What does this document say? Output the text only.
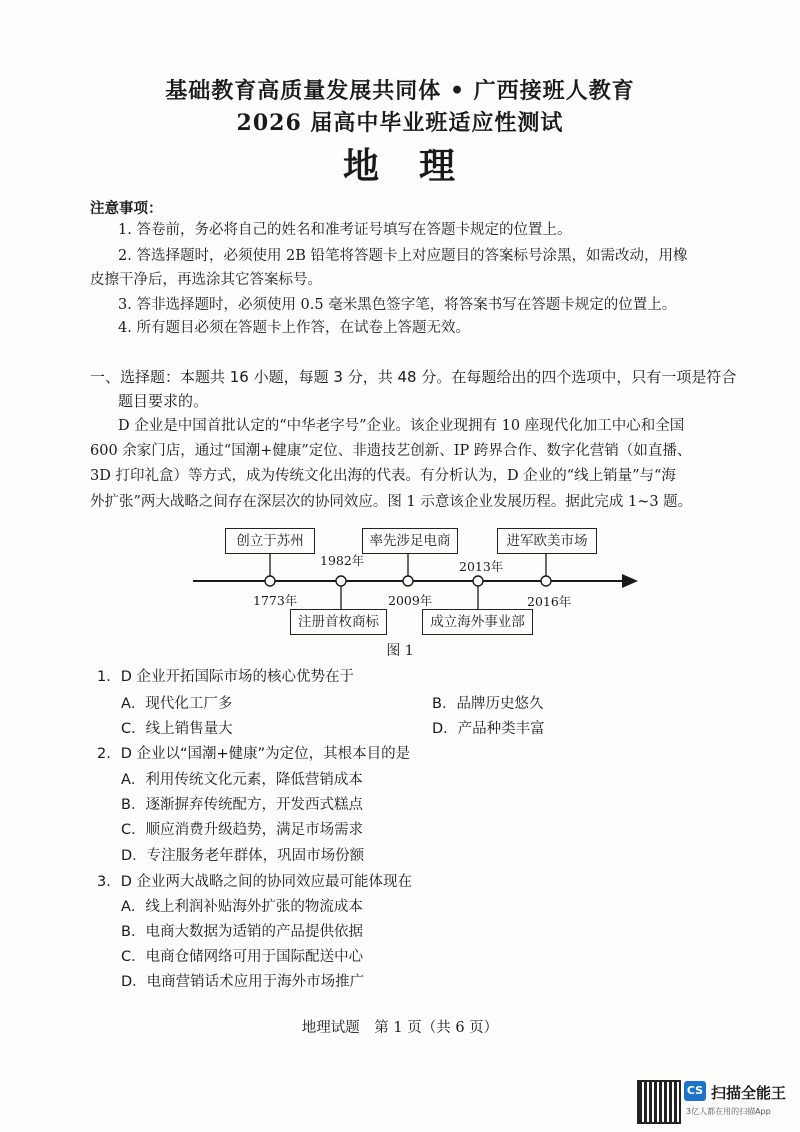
基础教育高质量发展共同体 • 广西接班人教育
2026 届高中毕业班适应性测试
地　理
注意事项：
1. 答卷前，务必将自己的姓名和准考证号填写在答题卡规定的位置上。
2. 答选择题时，必须使用 2B 铅笔将答题卡上对应题目的答案标号涂黑，如需改动，用橡
皮擦干净后，再选涂其它答案标号。
3. 答非选择题时，必须使用 0.5 毫米黑色签字笔，将答案书写在答题卡规定的位置上。
4. 所有题目必须在答题卡上作答，在试卷上答题无效。
一、选择题：本题共 16 小题，每题 3 分，共 48 分。在每题给出的四个选项中，只有一项是符合
题目要求的。
D 企业是中国首批认定的“中华老字号”企业。该企业现拥有 10 座现代化加工中心和全国
600 余家门店，通过“国潮+健康”定位、非遗技艺创新、IP 跨界合作、数字化营销（如直播、
3D 打印礼盒）等方式，成为传统文化出海的代表。有分析认为，D 企业的“线上销量”与“海
外扩张”两大战略之间存在深层次的协同效应。图 1 示意该企业发展历程。据此完成 1~3 题。
创立于苏州	率先涉足电商	进军欧美市场
注册首枚商标	成立海外事业部
1982年	2013年
1773年	2009年	2016年
图 1
1．D 企业开拓国际市场的核心优势在于
A．现代化工厂多	B．品牌历史悠久
C．线上销售量大	D．产品种类丰富
2．D 企业以“国潮+健康”为定位，其根本目的是
A．利用传统文化元素，降低营销成本
B．逐渐摒弃传统配方，开发西式糕点
C．顺应消费升级趋势，满足市场需求
D．专注服务老年群体，巩固市场份额
3．D 企业两大战略之间的协同效应最可能体现在
A．线上利润补贴海外扩张的物流成本
B．电商大数据为适销的产品提供依据
C．电商仓储网络可用于国际配送中心
D．电商营销话术应用于海外市场推广
地理试题　第 1 页（共 6 页）
CS 扫描全能王
3亿人都在用的扫描App
